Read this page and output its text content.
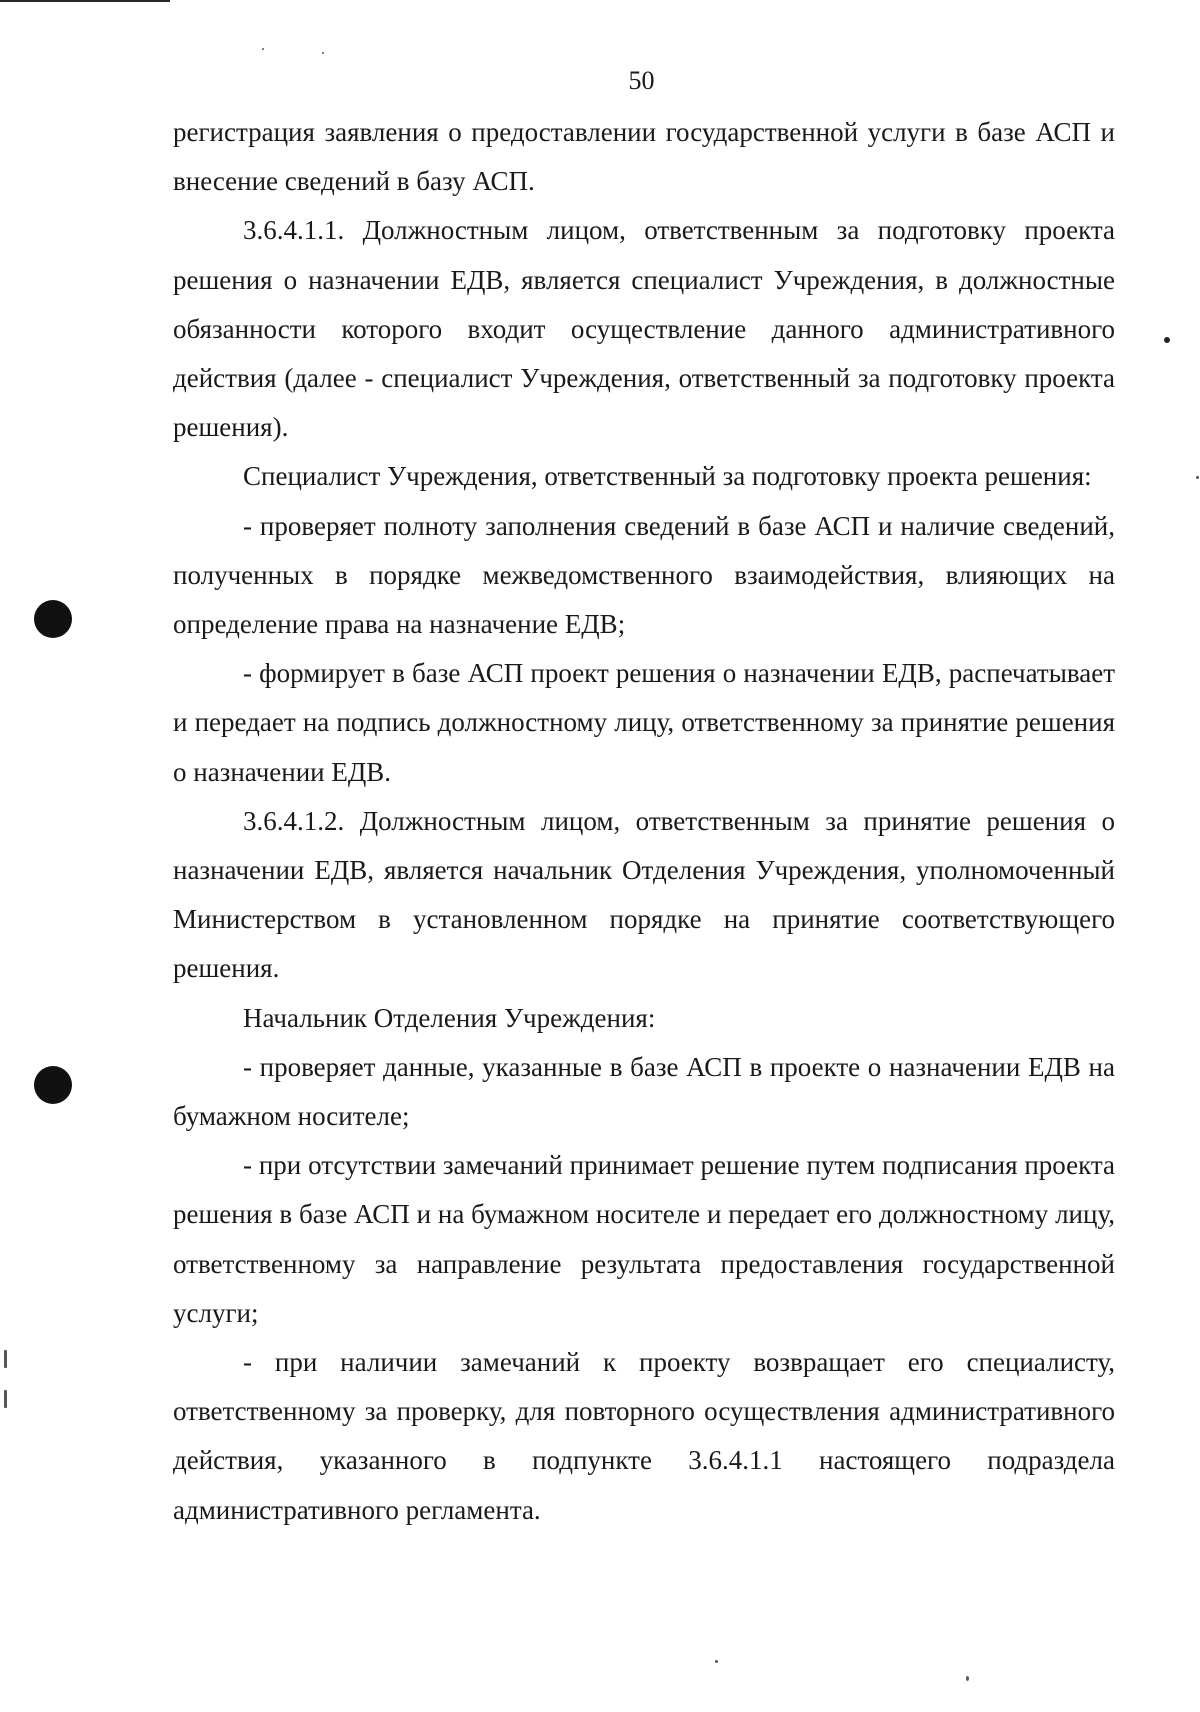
50

регистрация заявления о предоставлении государственной услуги в базе АСП и внесение сведений в базу АСП.

3.6.4.1.1. Должностным лицом, ответственным за подготовку проекта решения о назначении ЕДВ, является специалист Учреждения, в должностные обязанности которого входит осуществление данного административного действия (далее - специалист Учреждения, ответственный за подготовку проекта решения).

Специалист Учреждения, ответственный за подготовку проекта решения:

- проверяет полноту заполнения сведений в базе АСП и наличие сведений, полученных в порядке межведомственного взаимодействия, влияющих на определение права на назначение ЕДВ;

- формирует в базе АСП проект решения о назначении ЕДВ, распечатывает и передает на подпись должностному лицу, ответственному за принятие решения о назначении ЕДВ.

3.6.4.1.2. Должностным лицом, ответственным за принятие решения о назначении ЕДВ, является начальник Отделения Учреждения, уполномоченный Министерством в установленном порядке на принятие соответствующего решения.

Начальник Отделения Учреждения:

- проверяет данные, указанные в базе АСП в проекте о назначении ЕДВ на бумажном носителе;

- при отсутствии замечаний принимает решение путем подписания проекта решения в базе АСП и на бумажном носителе и передает его должностному лицу, ответственному за направление результата предоставления государственной услуги;

- при наличии замечаний к проекту возвращает его специалисту, ответственному за проверку, для повторного осуществления административного действия, указанного в подпункте 3.6.4.1.1 настоящего подраздела административного регламента.
